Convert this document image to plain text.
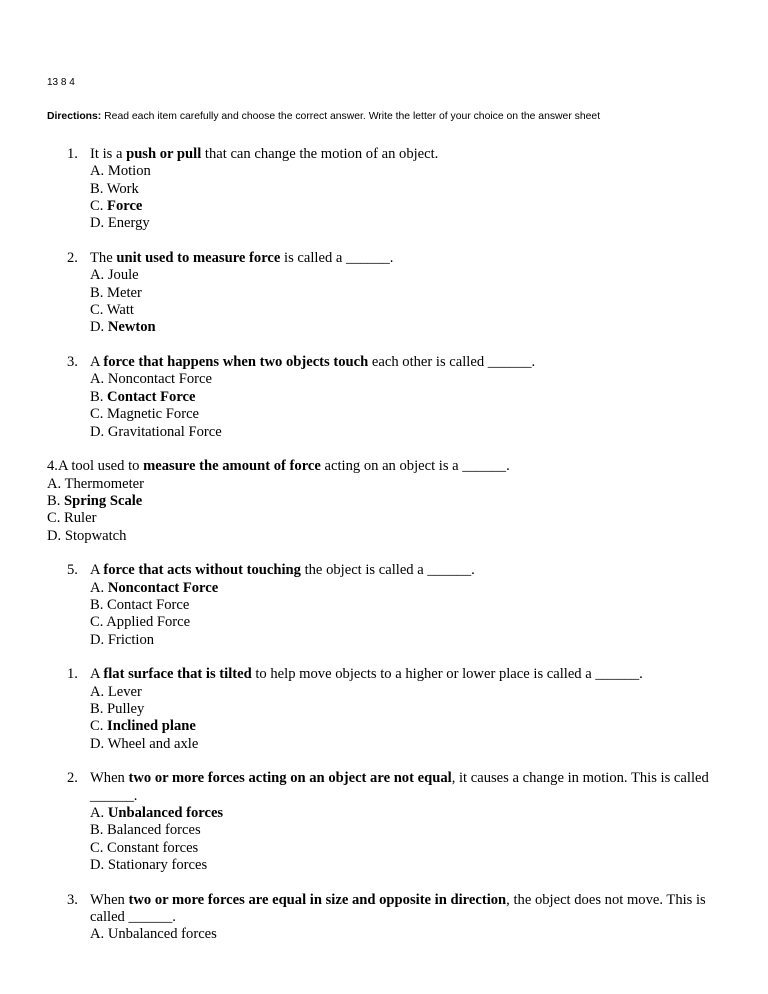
13 8 4
Directions: Read each item carefully and choose the correct answer. Write the letter of your choice on the answer sheet
1. It is a push or pull that can change the motion of an object.
A. Motion
B. Work
C. Force
D. Energy
2. The unit used to measure force is called a ______.
A. Joule
B. Meter
C. Watt
D. Newton
3. A force that happens when two objects touch each other is called ______.
A. Noncontact Force
B. Contact Force
C. Magnetic Force
D. Gravitational Force
4.A tool used to measure the amount of force acting on an object is a ______.
A. Thermometer
B. Spring Scale
C. Ruler
D. Stopwatch
5. A force that acts without touching the object is called a ______.
A. Noncontact Force
B. Contact Force
C. Applied Force
D. Friction
1. A flat surface that is tilted to help move objects to a higher or lower place is called a ______.
A. Lever
B. Pulley
C. Inclined plane
D. Wheel and axle
2. When two or more forces acting on an object are not equal, it causes a change in motion. This is called ______.
A. Unbalanced forces
B. Balanced forces
C. Constant forces
D. Stationary forces
3. When two or more forces are equal in size and opposite in direction, the object does not move. This is called ______.
A. Unbalanced forces
